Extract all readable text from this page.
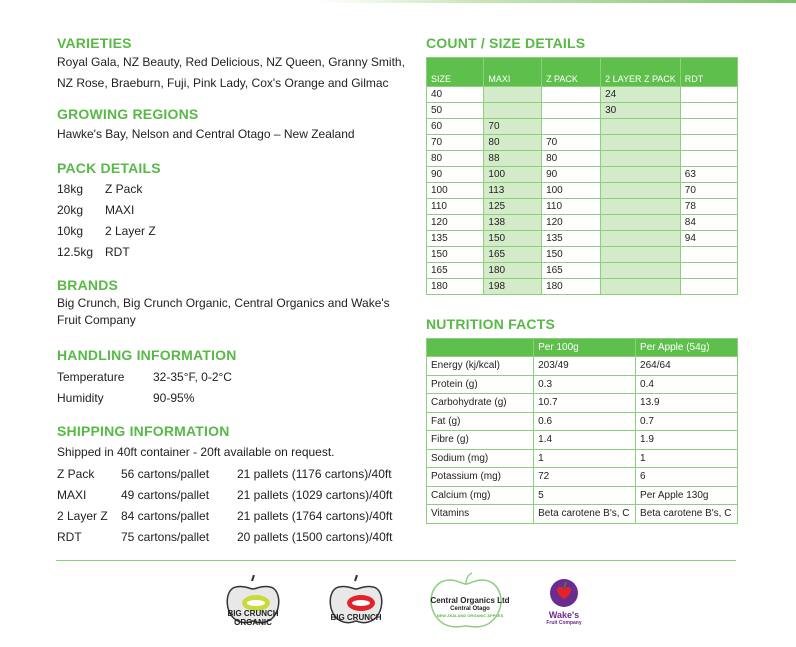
VARIETIES
Royal Gala, NZ Beauty, Red Delicious, NZ Queen, Granny Smith,
NZ Rose, Braeburn, Fuji, Pink Lady, Cox's Orange and Gilmac
GROWING REGIONS
Hawke's Bay, Nelson and Central Otago – New Zealand
PACK DETAILS
BRANDS
Big Crunch, Big Crunch Organic, Central Organics and Wake's
Fruit Company
HANDLING INFORMATION
SHIPPING INFORMATION
Shipped in 40ft container - 20ft available on request.
COUNT / SIZE DETAILS
SIZE	MAXI	Z PACK	2 LAYER Z PACK	RDT
40			24	
50			30	
60	70			
70	80	70		
80	88	80		
90	100	90		63
100	113	100		70
110	125	110		78
120	138	120		84
135	150	135		94
150	165	150		
165	180	165		
180	198	180		
NUTRITION FACTS
	Per 100g	Per Apple (54g)
Energy (kj/kcal)	203/49	264/64
Protein (g)	0.3	0.4
Carbohydrate (g)	10.7	13.9
Fat (g)	0.6	0.7
Fibre (g)	1.4	1.9
Sodium (mg)	1	1
Potassium (mg)	72	6
Calcium (mg)	5	Per Apple 130g
Vitamins	Beta carotene B's, C	Beta carotene B's, C
BIG CRUNCH
ORGANIC
BIG CRUNCH
Central Organics Ltd
Central Otago
NEW ZEALAND ORGANIC APPLES	Wake's
Fruit Company
18kg Z Pack
20kg MAXI
10kg 2 Layer Z
12.5kg RDT
Temperature 32-35°F, 0-2°C
Humidity	90-95%
Z Pack 56 cartons/pallet 21 pallets (1176 cartons)/40ft
MAXI	49 cartons/pallet 21 pallets (1029 cartons)/40ft
2 Layer Z 84 cartons/pallet 21 pallets (1764 cartons)/40ft
RDT	75 cartons/pallet 20 pallets (1500 cartons)/40ft
